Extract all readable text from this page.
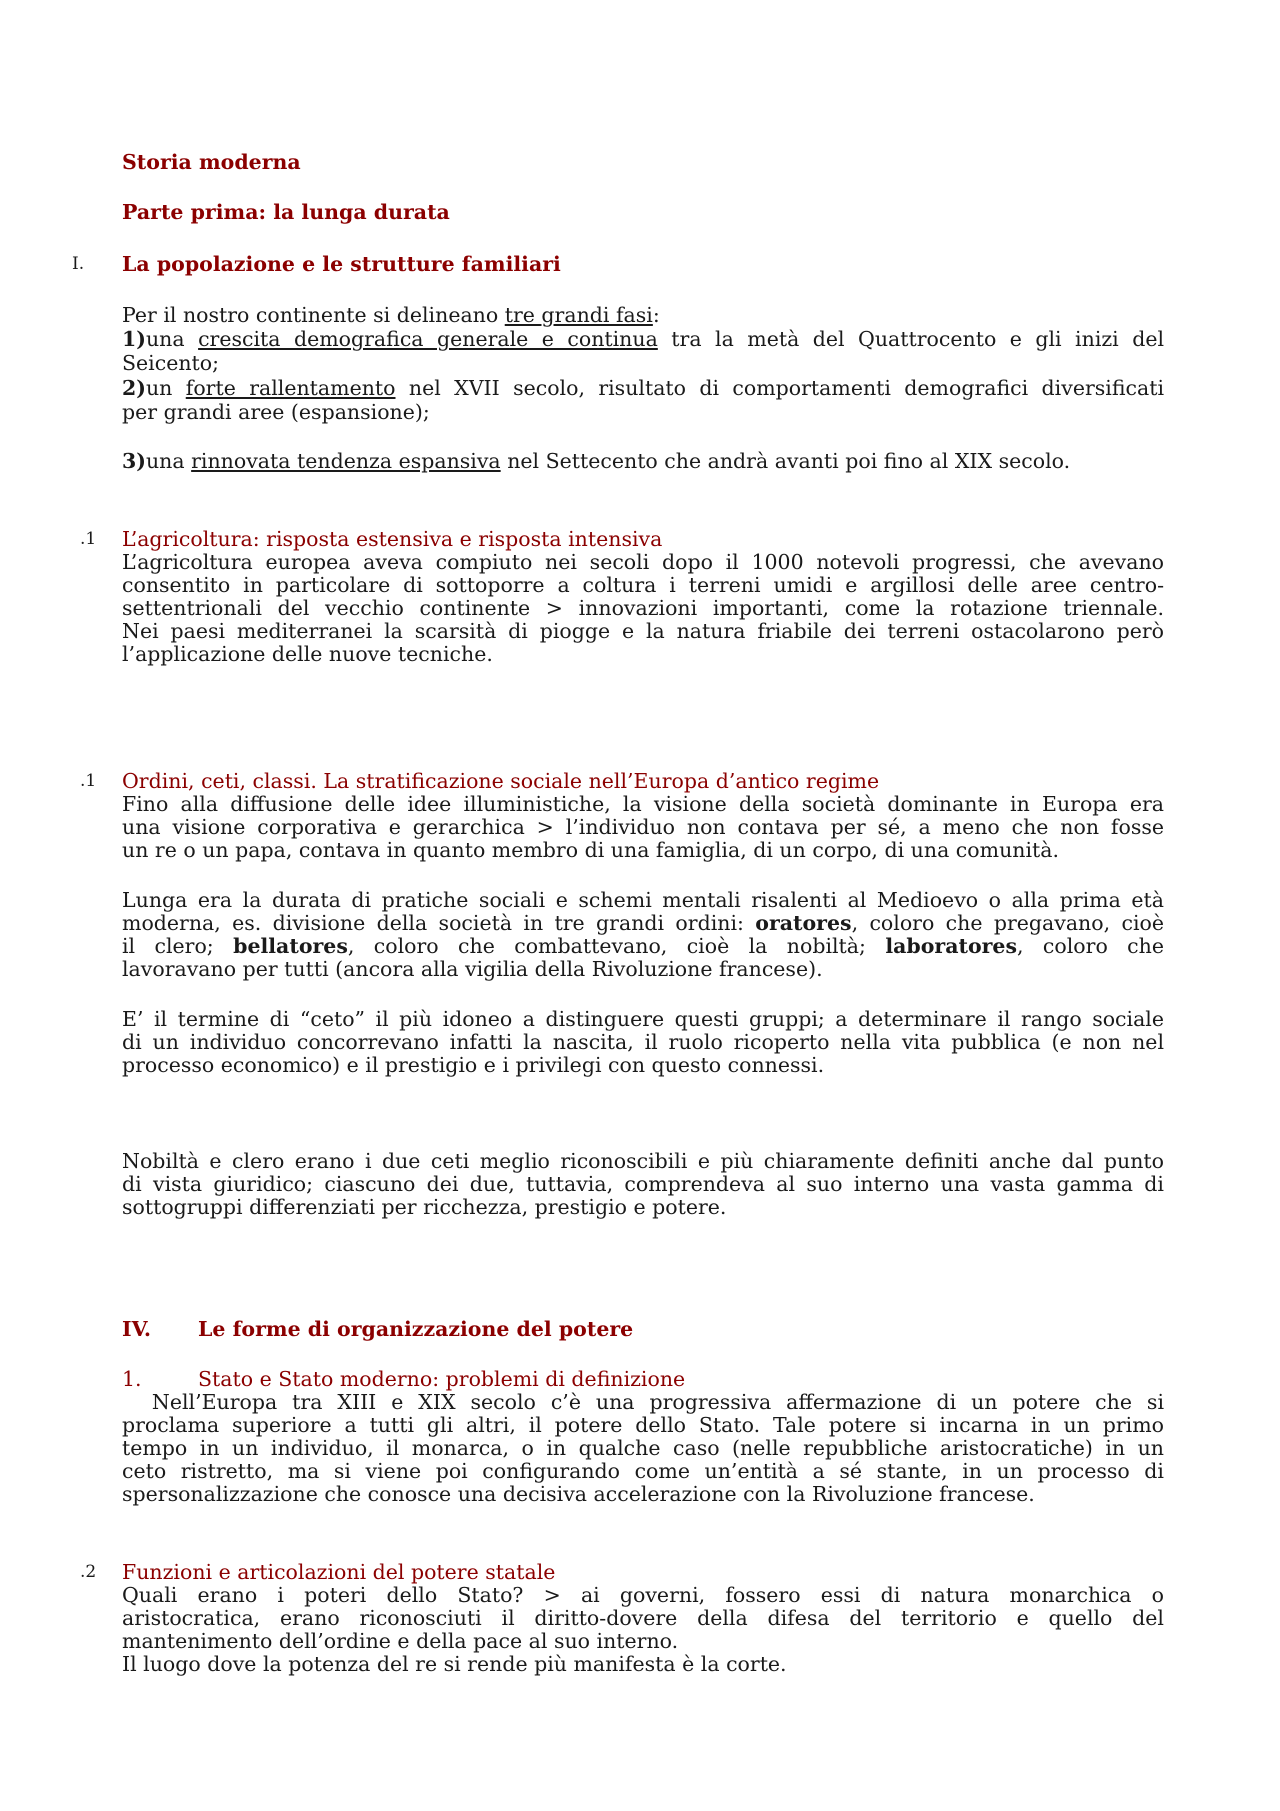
Storia moderna
Parte prima: la lunga durata
I. La popolazione e le strutture familiari
Per il nostro continente si delineano tre grandi fasi:
1)una crescita demografica generale e continua tra la metà del Quattrocento e gli inizi del
Seicento;
2)un forte rallentamento nel XVII secolo, risultato di comportamenti demografici diversificati
per grandi aree (espansione);
3)una rinnovata tendenza espansiva nel Settecento che andrà avanti poi fino al XIX secolo.
.1 L’agricoltura: risposta estensiva e risposta intensiva
L’agricoltura europea aveva compiuto nei secoli dopo il 1000 notevoli progressi, che avevano
consentito in particolare di sottoporre a coltura i terreni umidi e argillosi delle aree centro-
settentrionali del vecchio continente > innovazioni importanti, come la rotazione triennale.
Nei paesi mediterranei la scarsità di piogge e la natura friabile dei terreni ostacolarono però
l’applicazione delle nuove tecniche.
.1 Ordini, ceti, classi. La stratificazione sociale nell’Europa d’antico regime
Fino alla diffusione delle idee illuministiche, la visione della società dominante in Europa era
una visione corporativa e gerarchica > l’individuo non contava per sé, a meno che non fosse
un re o un papa, contava in quanto membro di una famiglia, di un corpo, di una comunità.
Lunga era la durata di pratiche sociali e schemi mentali risalenti al Medioevo o alla prima età
moderna, es. divisione della società in tre grandi ordini: oratores, coloro che pregavano, cioè
il clero; bellatores, coloro che combattevano, cioè la nobiltà; laboratores, coloro che
lavoravano per tutti (ancora alla vigilia della Rivoluzione francese).
E’ il termine di “ceto” il più idoneo a distinguere questi gruppi; a determinare il rango sociale
di un individuo concorrevano infatti la nascita, il ruolo ricoperto nella vita pubblica (e non nel
processo economico) e il prestigio e i privilegi con questo connessi.
Nobiltà e clero erano i due ceti meglio riconoscibili e più chiaramente definiti anche dal punto
di vista giuridico; ciascuno dei due, tuttavia, comprendeva al suo interno una vasta gamma di
sottogruppi differenziati per ricchezza, prestigio e potere.
IV. Le forme di organizzazione del potere
1.	Stato e Stato moderno: problemi di definizione
Nell’Europa tra XIII e XIX secolo c’è una progressiva affermazione di un potere che si
proclama superiore a tutti gli altri, il potere dello Stato. Tale potere si incarna in un primo
tempo in un individuo, il monarca, o in qualche caso (nelle repubbliche aristocratiche) in un
ceto ristretto, ma si viene poi configurando come un’entità a sé stante, in un processo di
spersonalizzazione che conosce una decisiva accelerazione con la Rivoluzione francese.
.2 Funzioni e articolazioni del potere statale
Quali erano i poteri dello Stato? > ai governi, fossero essi di natura monarchica o
aristocratica, erano riconosciuti il diritto-dovere della difesa del territorio e quello del
mantenimento dell’ordine e della pace al suo interno.
Il luogo dove la potenza del re si rende più manifesta è la corte.
